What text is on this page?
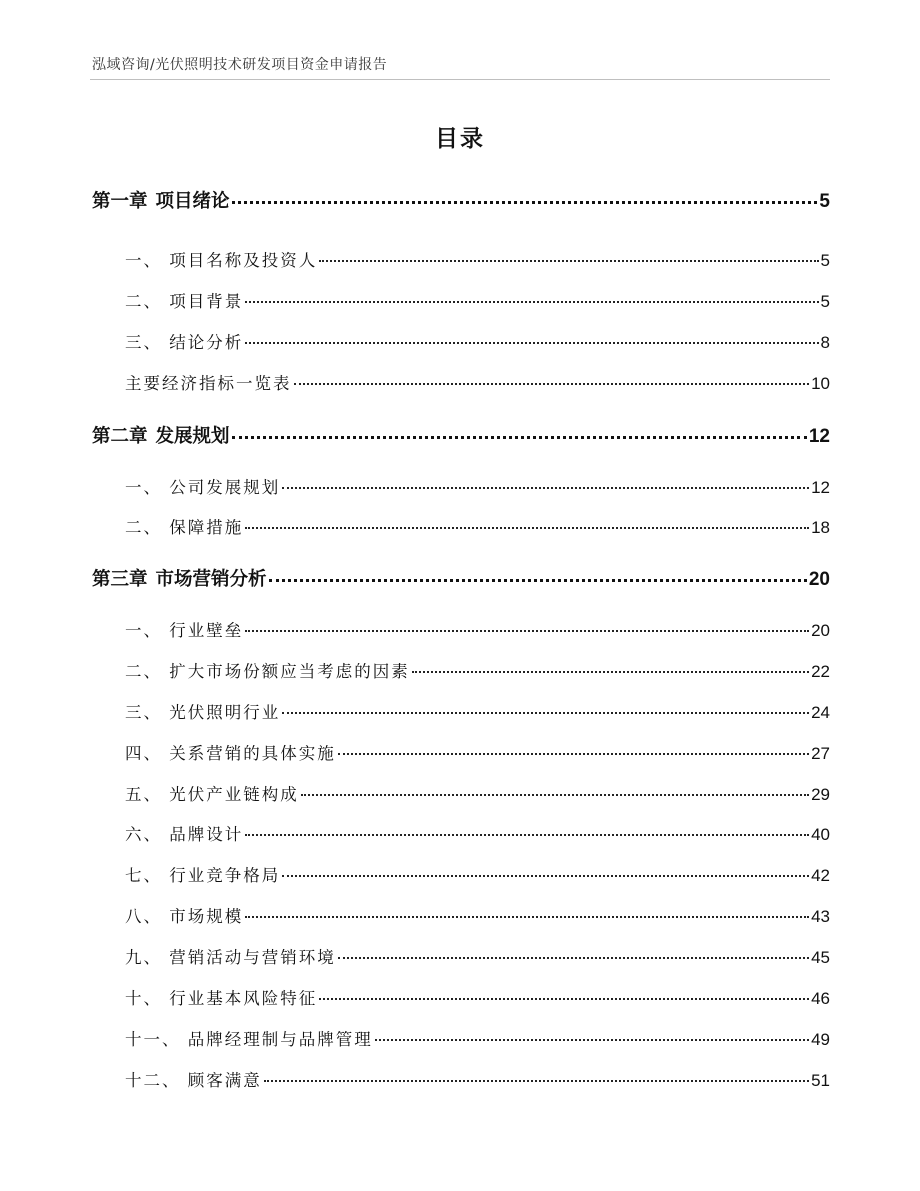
泓域咨询/光伏照明技术研发项目资金申请报告
目录
第一章 项目绪论	5
一、 项目名称及投资人	5
二、 项目背景	5
三、 结论分析	8
主要经济指标一览表	10
第二章 发展规划	12
一、 公司发展规划	12
二、 保障措施	18
第三章 市场营销分析	20
一、 行业壁垒	20
二、 扩大市场份额应当考虑的因素	22
三、 光伏照明行业	24
四、 关系营销的具体实施	27
五、 光伏产业链构成	29
六、 品牌设计	40
七、 行业竞争格局	42
八、 市场规模	43
九、 营销活动与营销环境	45
十、 行业基本风险特征	46
十一、 品牌经理制与品牌管理	49
十二、 顾客满意	51
